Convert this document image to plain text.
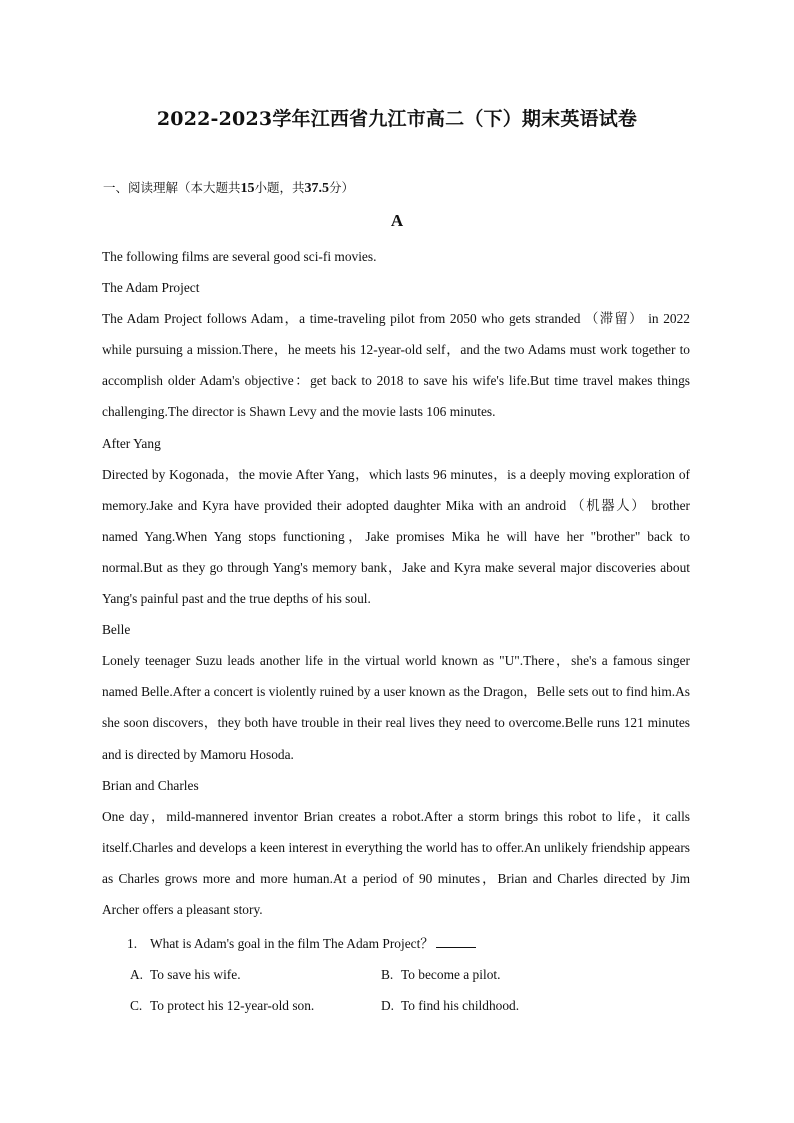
2022-2023学年江西省九江市高二（下）期末英语试卷
一、阅读理解（本大题共15小题，共37.5分）
A

The following films are several good sci-fi movies.

The Adam Project

The Adam Project follows Adam，a time-traveling pilot from 2050 who gets stranded （滞留） in 2022 while pursuing a mission.There，he meets his 12-year-old self，and the two Adams must work together to accomplish older Adam's objective：get back to 2018 to save his wife's life.But time travel makes things challenging.The director is Shawn Levy and the movie lasts 106 minutes.

After Yang

Directed by Kogonada，the movie After Yang，which lasts 96 minutes，is a deeply moving exploration of memory.Jake and Kyra have provided their adopted daughter Mika with an android （机器人） brother named Yang.When Yang stops functioning，Jake promises Mika he will have her "brother" back to normal.But as they go through Yang's memory bank，Jake and Kyra make several major discoveries about Yang's painful past and the true depths of his soul.

Belle

Lonely teenager Suzu leads another life in the virtual world known as "U".There，she's a famous singer named Belle.After a concert is violently ruined by a user known as the Dragon，Belle sets out to find him.As she soon discovers，they both have trouble in their real lives they need to overcome.Belle runs 121 minutes and is directed by Mamoru Hosoda.

Brian and Charles

One day，mild-mannered inventor Brian creates a robot.After a storm brings this robot to life，it calls itself.Charles and develops a keen interest in everything the world has to offer.An unlikely friendship appears as Charles grows more and more human.At a period of 90 minutes，Brian and Charles directed by Jim Archer offers a pleasant story.

1. What is Adam's goal in the film The Adam Project？
A. To save his wife.	B. To become a pilot.
C. To protect his 12-year-old son.	D. To find his childhood.
